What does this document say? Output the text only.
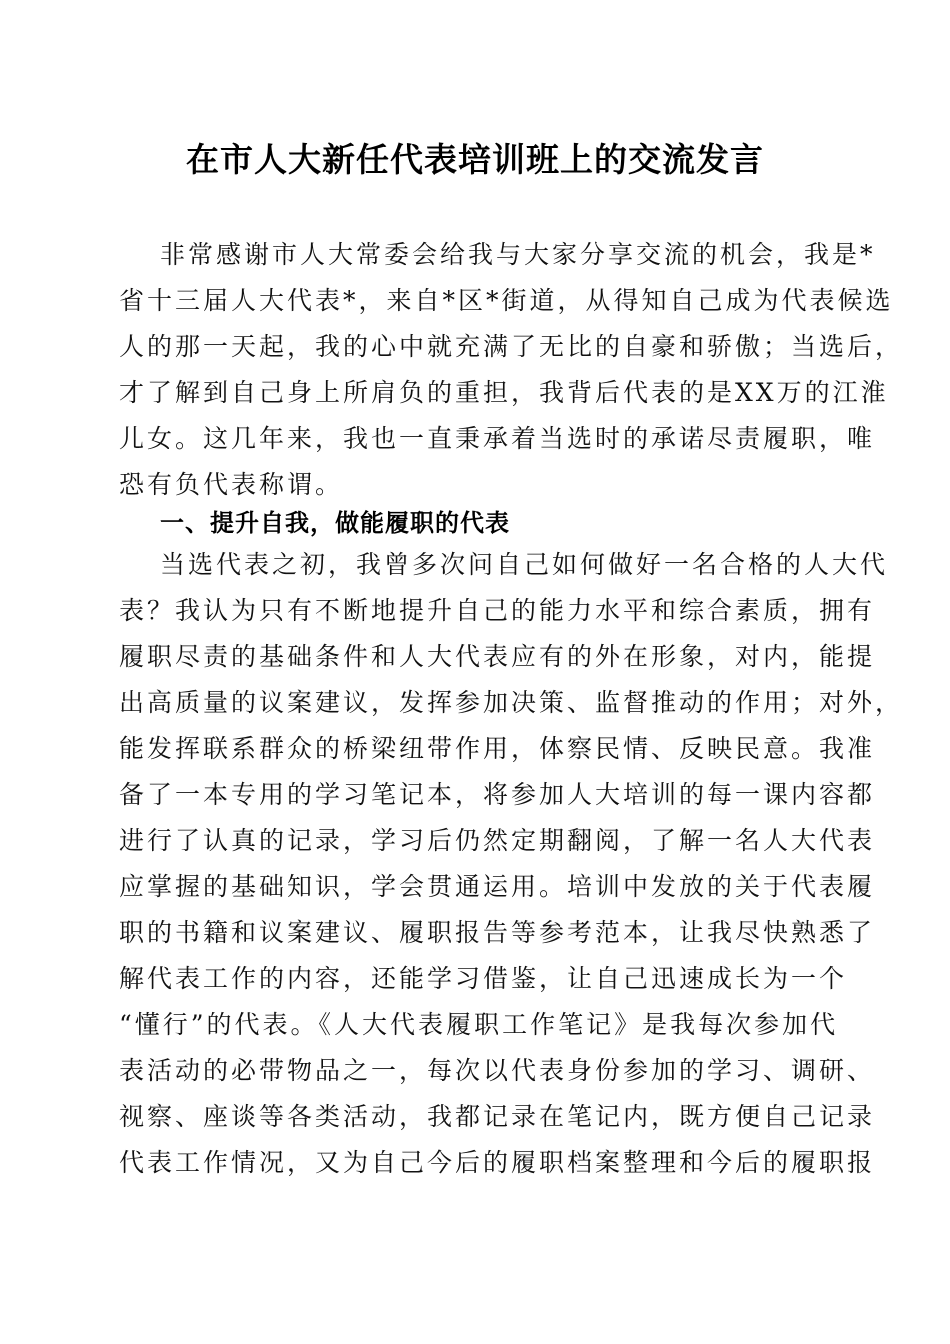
在市人大新任代表培训班上的交流发言
非常感谢市人大常委会给我与大家分享交流的机会，我是*
省十三届人大代表*，来自*区*街道，从得知自己成为代表候选
人的那一天起，我的心中就充满了无比的自豪和骄傲；当选后，
才了解到自己身上所肩负的重担，我背后代表的是XX万的江淮
儿女。这几年来，我也一直秉承着当选时的承诺尽责履职，唯
恐有负代表称谓。
一、提升自我，做能履职的代表
当选代表之初，我曾多次问自己如何做好一名合格的人大代
表？我认为只有不断地提升自己的能力水平和综合素质，拥有
履职尽责的基础条件和人大代表应有的外在形象，对内，能提
出高质量的议案建议，发挥参加决策、监督推动的作用；对外，
能发挥联系群众的桥梁纽带作用，体察民情、反映民意。我准
备了一本专用的学习笔记本，将参加人大培训的每一课内容都
进行了认真的记录，学习后仍然定期翻阅，了解一名人大代表
应掌握的基础知识，学会贯通运用。培训中发放的关于代表履
职的书籍和议案建议、履职报告等参考范本，让我尽快熟悉了
解代表工作的内容，还能学习借鉴，让自己迅速成长为一个
“懂行”的代表。《人大代表履职工作笔记》是我每次参加代
表活动的必带物品之一，每次以代表身份参加的学习、调研、
视察、座谈等各类活动，我都记录在笔记内，既方便自己记录
代表工作情况，又为自己今后的履职档案整理和今后的履职报
